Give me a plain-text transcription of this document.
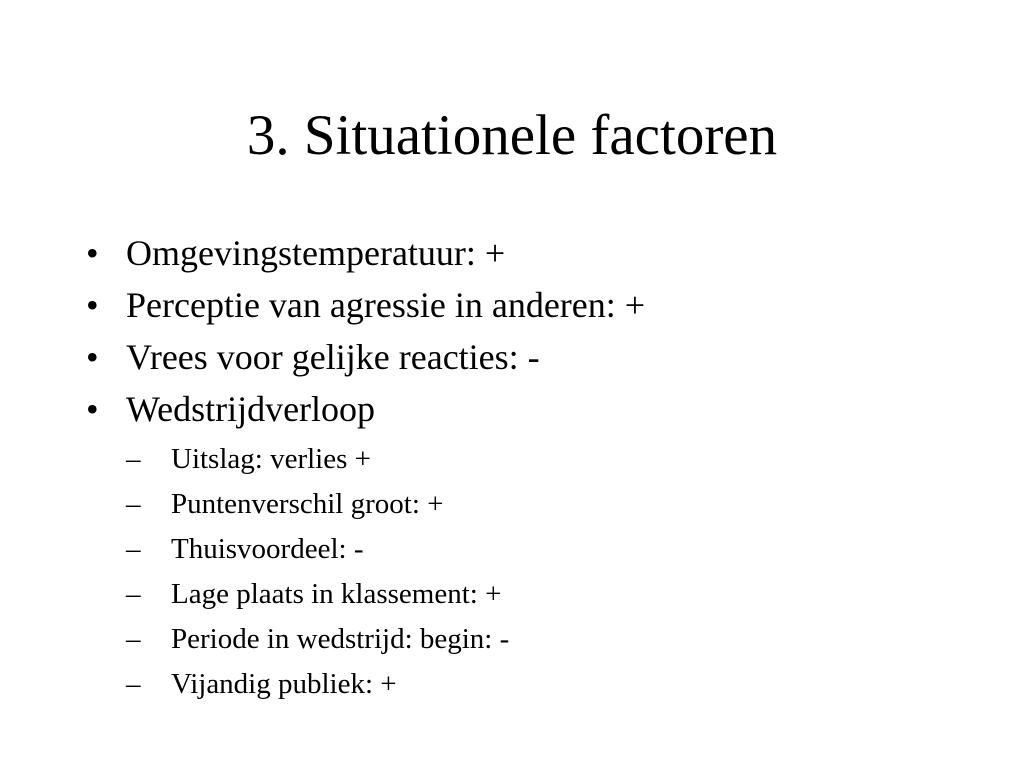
3. Situationele factoren
• Omgevingstemperatuur: +
• Perceptie van agressie in anderen: +
• Vrees voor gelijke reacties: -
• Wedstrijdverloop
–	Uitslag: verlies +
–	Puntenverschil groot: +
–	Thuisvoordeel: -
–	Lage plaats in klassement: +
–	Periode in wedstrijd: begin: -
–	Vijandig publiek: +
